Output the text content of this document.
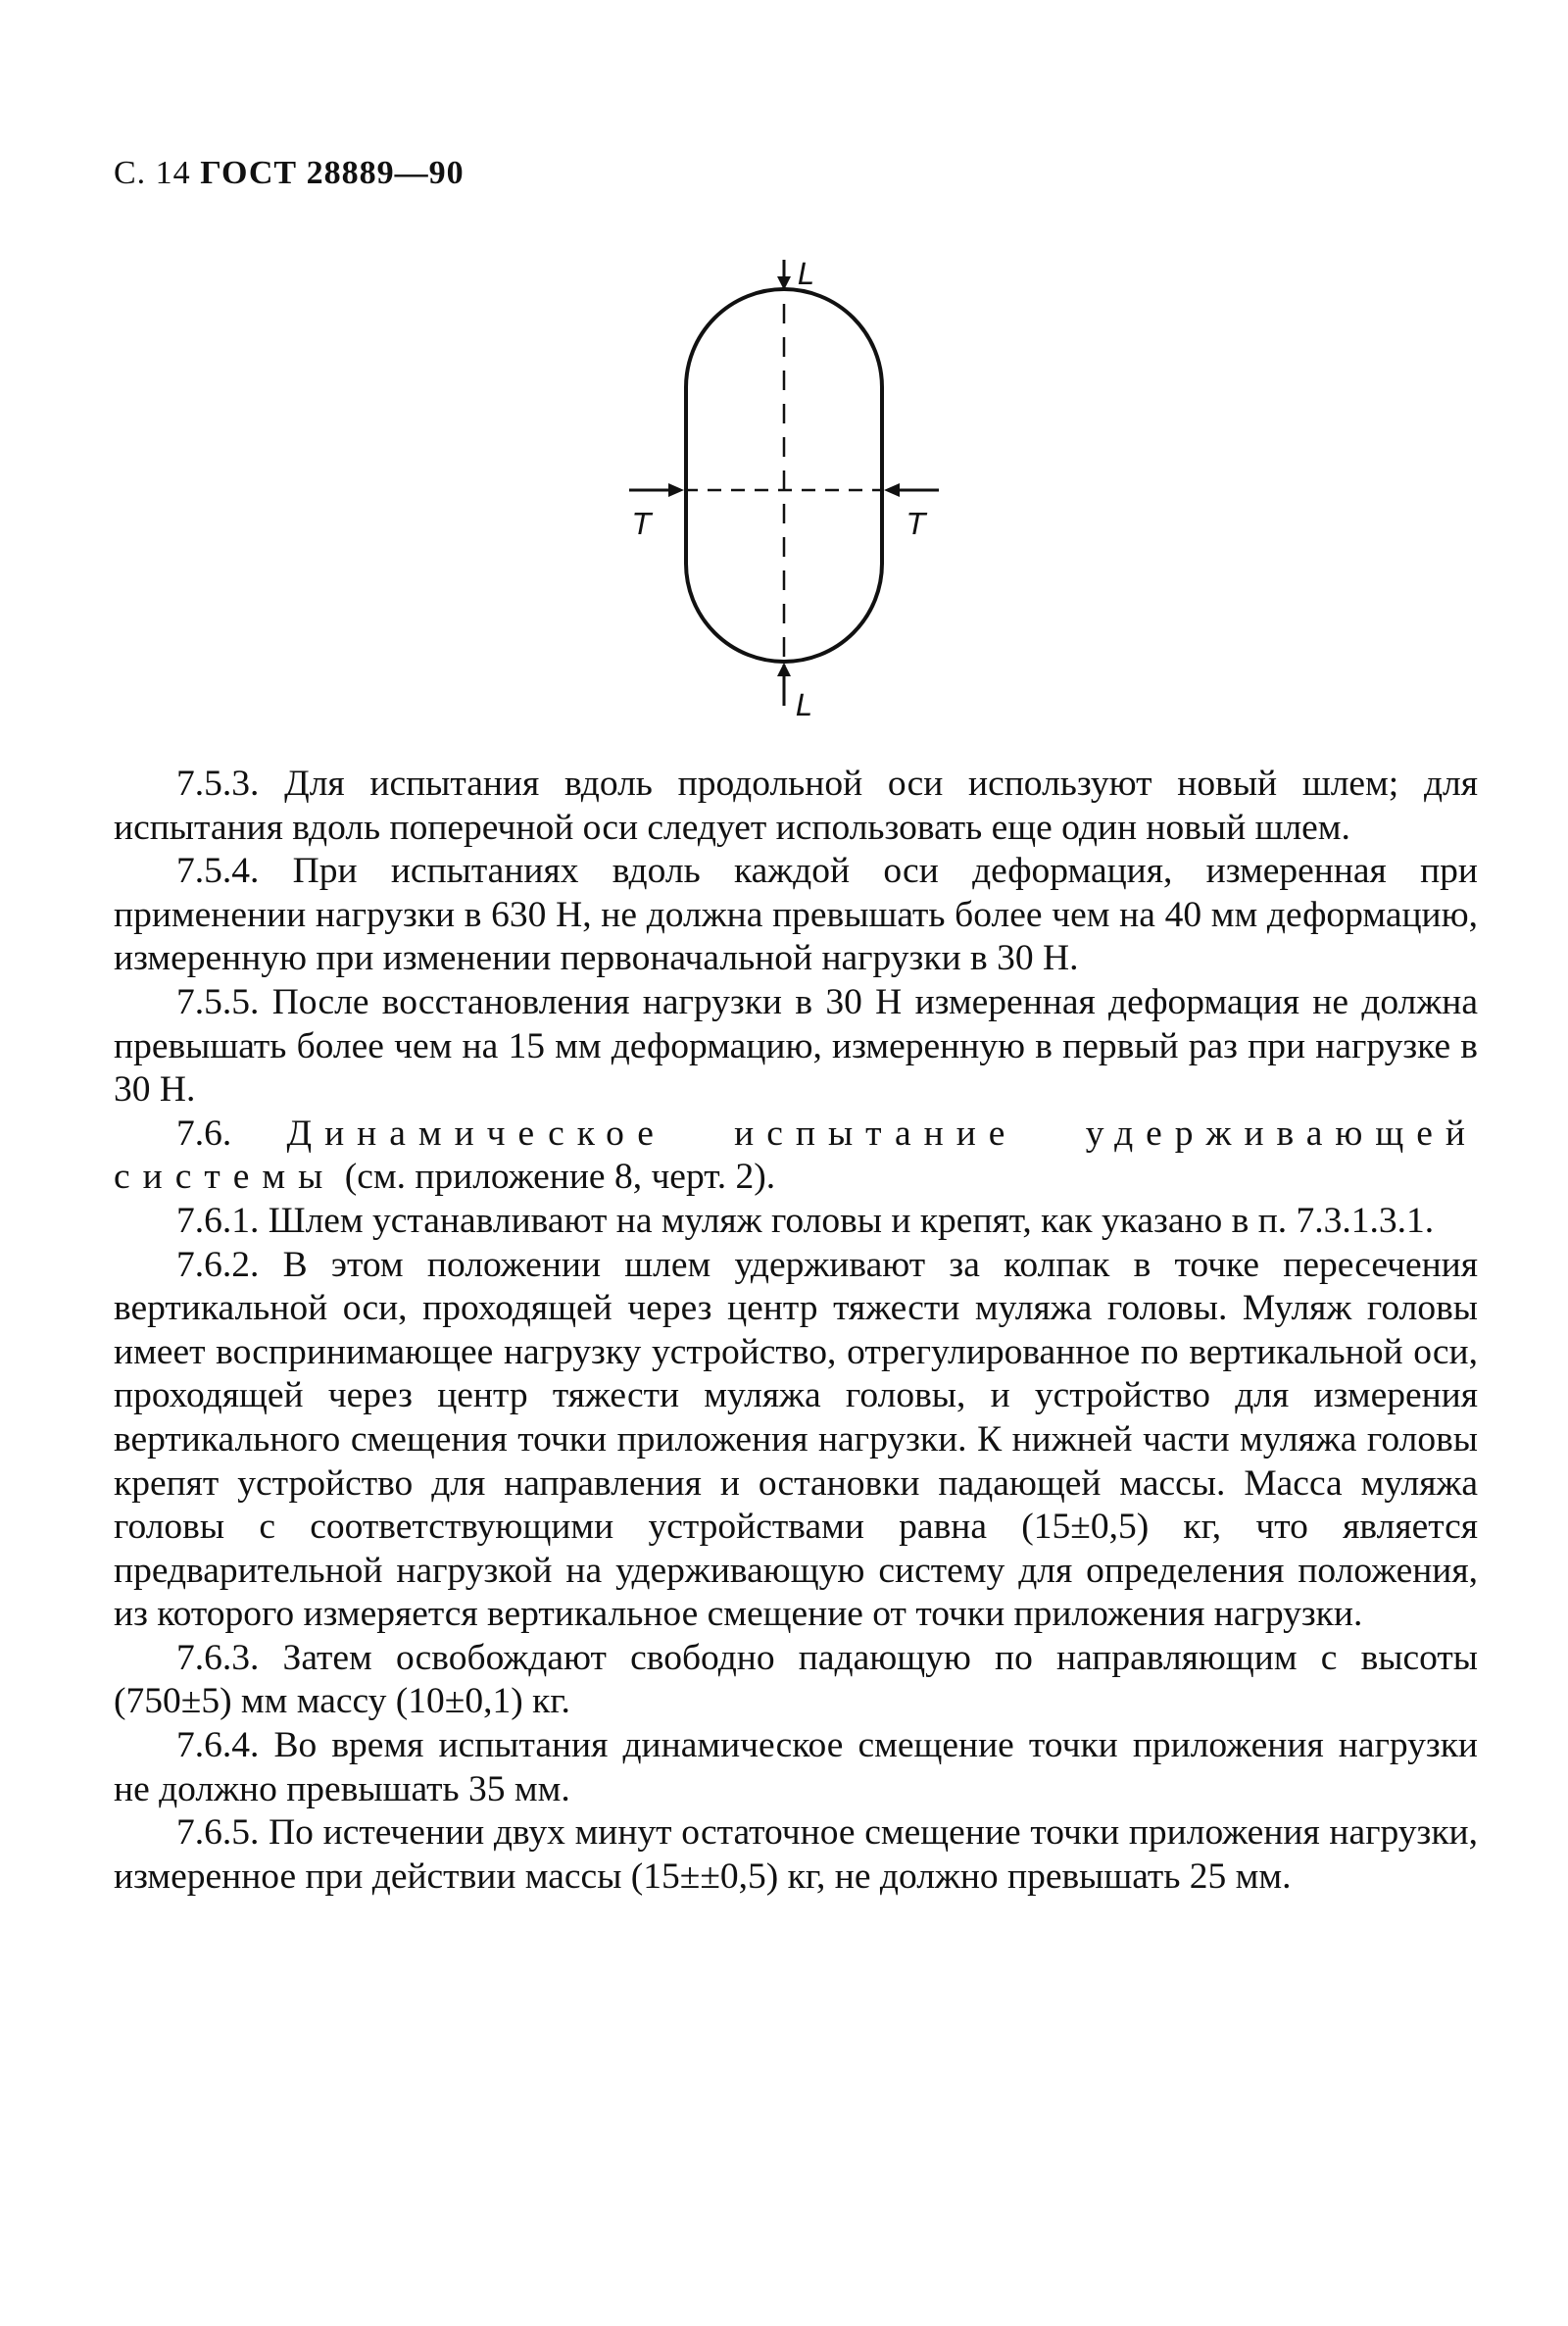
С. 14 ГОСТ 28889—90
L
L
T	T

7.5.3. Для испытания вдоль продольной оси используют новый шлем; для испытания вдоль поперечной оси следует использовать еще один новый шлем.

7.5.4. При испытаниях вдоль каждой оси деформация, измеренная при применении нагрузки в 630 Н, не должна превышать более чем на 40 мм деформацию, измеренную при изменении первоначальной нагрузки в 30 Н.

7.5.5. После восстановления нагрузки в 30 Н измеренная деформация не должна превышать более чем на 15 мм деформацию, измеренную в первый раз при нагрузке в 30 Н.

7.6. Динамическое испытание удерживающей системы (см. приложение 8, черт. 2).

7.6.1. Шлем устанавливают на муляж головы и крепят, как указано в п. 7.3.1.3.1.

7.6.2. В этом положении шлем удерживают за колпак в точке пересечения вертикальной оси, проходящей через центр тяжести муляжа головы. Муляж головы имеет воспринимающее нагрузку устройство, отрегулированное по вертикальной оси, проходящей через центр тяжести муляжа головы, и устройство для измерения вертикального смещения точки приложения нагрузки. К нижней части муляжа головы крепят устройство для направления и остановки падающей массы. Масса муляжа головы с соответствующими устройствами равна (15±0,5) кг, что является предварительной нагрузкой на удерживающую систему для определения положения, из которого измеряется вертикальное смещение от точки приложения нагрузки.

7.6.3. Затем освобождают свободно падающую по направляющим с высоты (750±5) мм массу (10±0,1) кг.

7.6.4. Во время испытания динамическое смещение точки приложения нагрузки не должно превышать 35 мм.

7.6.5. По истечении двух минут остаточное смещение точки приложения нагрузки, измеренное при действии массы (15±±0,5) кг, не должно превышать 25 мм.
